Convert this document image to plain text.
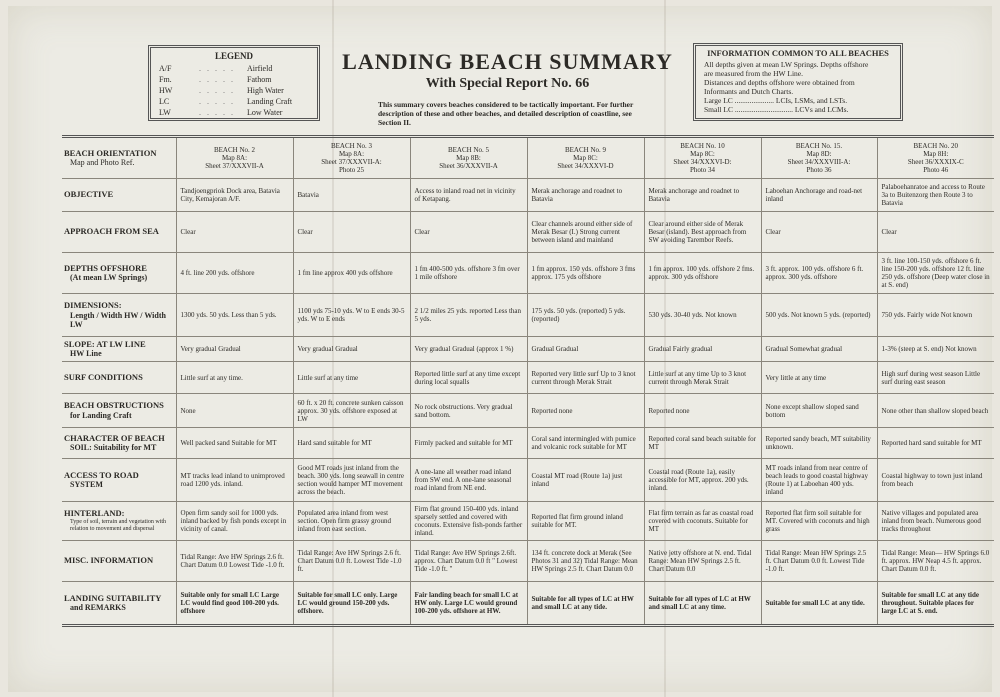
LEGEND
A/F	. . . . .	Airfield
Fm.	. . . . .	Fathom
HW	. . . . .	High Water
LC	. . . . .	Landing Craft
LW	. . . . .	Low Water
LANDING BEACH SUMMARY
With Special Report No. 66
This summary covers beaches considered to be tactically important. For further description of these and other beaches, and detailed description of coastline, see Section II.
INFORMATION COMMON TO ALL BEACHES
All depths given at mean LW Springs. Depths offshore
are measured from the HW Line.
Distances and depths offshore were obtained from
Informants and Dutch Charts.
Large LC ..................... LCIs, LSMs, and LSTs.
Small LC ............................... LCVs and LCMs.
BEACH ORIENTATION
Map and Photo Ref.	BEACH No. 2
Map 8A:
Sheet 37/XXXVII-A	BEACH No. 3
Map 8A:
Sheet 37/XXXVII-A:
Photo 25	BEACH No. 5
Map 8B:
Sheet 36/XXXVII-A	BEACH No. 9
Map 8C:
Sheet 34/XXXVI-D	BEACH No. 10
Map 8C:
Sheet 34/XXXVI-D:
Photo 34	BEACH No. 15.
Map 8D:
Sheet 34/XXXVIII-A:
Photo 36	BEACH No. 20
Map 8H:
Sheet 36/XXXIX-C
Photo 46

OBJECTIVE	Tandjoengpriok Dock area, Batavia City, Kemajoran A/F.	Batavia	Access to inland road net in vicinity of Ketapang.	Merak anchorage and roadnet to Batavia	Merak anchorage and roadnet to Batavia	Laboehan Anchorage and road-net inland	Palaboehanratoe and access to Route 3a to Buitenzorg then Route 3 to Batavia
APPROACH FROM SEA	Clear	Clear	Clear	Clear channels around either side of Merak Besar (I.) Strong current between island and mainland	Clear around either side of Merak Besar (island). Best approach from SW avoiding Tarembor Reefs.	Clear	Clear
DEPTHS OFFSHORE
(At mean LW Springs)	4 ft. line 200 yds. offshore	1 fm line approx 400 yds offshore	1 fm 400-500 yds. offshore 3 fm over 1 mile offshore	1 fm approx. 150 yds. offshore 3 fms approx. 175 yds offshore	1 fm approx. 100 yds. offshore 2 fms. approx. 300 yds offshore	3 ft. approx. 100 yds. offshore 6 ft. approx. 300 yds. offshore	3 ft. line 100-150 yds. offshore 6 ft. line 150-200 yds. offshore 12 ft. line 250 yds. offshore (Deep water close in at S. end)
DIMENSIONS:
Length / Width HW / Width LW	1300 yds. 50 yds. Less than 5 yds.	1100 yds 75-10 yds. W to E ends 30-5 yds. W to E ends	2 1/2 miles 25 yds. reported Less than 5 yds.	175 yds. 50 yds. (reported) 5 yds. (reported)	530 yds. 30-40 yds. Not known	500 yds. Not known 5 yds. (reported)	750 yds. Fairly wide Not known
SLOPE: AT LW LINE
HW Line	Very gradual Gradual	Very gradual Gradual	Very gradual Gradual (approx 1 %)	Gradual Gradual	Gradual Fairly gradual	Gradual Somewhat gradual	1-3% (steep at S. end) Not known
SURF CONDITIONS	Little surf at any time.	Little surf at any time	Reported little surf at any time except during local squalls	Reported very little surf Up to 3 knot current through Merak Strait	Little surf at any time Up to 3 knot current through Merak Strait	Very little at any time	High surf during west season Little surf during east season
BEACH OBSTRUCTIONS
for Landing Craft	None	60 ft. x 20 ft. concrete sunken caisson approx. 30 yds. offshore exposed at LW	No rock obstructions. Very gradual sand bottom.	Reported none	Reported none	None except shallow sloped sand bottom	None other than shallow sloped beach
CHARACTER OF BEACH
SOIL: Suitability for MT	Well packed sand Suitable for MT	Hard sand suitable for MT	Firmly packed and suitable for MT	Coral sand intermingled with pumice and volcanic rock suitable for MT	Reported coral sand beach suitable for MT	Reported sandy beach, MT suitability unknown.	Reported hard sand suitable for MT
ACCESS TO ROAD
SYSTEM	MT tracks lead inland to unimproved road 1200 yds. inland.	Good MT roads just inland from the beach. 300 yds. long seawall in centre section would hamper MT movement across the beach.	A one-lane all weather road inland from SW end. A one-lane seasonal road inland from NE end.	Coastal MT road (Route 1a) just inland	Coastal road (Route 1a), easily accessible for MT, approx. 200 yds. inland.	MT roads inland from near centre of beach leads to good coastal highway (Route 1) at Laboehan 400 yds. inland	Coastal highway to town just inland from beach
HINTERLAND:
Type of soil, terrain and vegetation with relation to movement and dispersal	Open firm sandy soil for 1000 yds. inland backed by fish ponds except in vicinity of canal.	Populated area inland from west section. Open firm grassy ground inland from east section.	Firm flat ground 150-400 yds. inland sparsely settled and covered with coconuts. Extensive fish-ponds farther inland.	Reported flat firm ground inland suitable for MT.	Flat firm terrain as far as coastal road covered with coconuts. Suitable for MT	Reported flat firm soil suitable for MT. Covered with coconuts and high grass	Native villages and populated area inland from beach. Numerous good tracks throughout
MISC. INFORMATION	Tidal Range: Ave HW Springs 2.6 ft. Chart Datum 0.0 Lowest Tide -1.0 ft.	Tidal Range: Ave HW Springs 2.6 ft. Chart Datum 0.0 ft. Lowest Tide -1.0 ft.	Tidal Range: Ave HW Springs 2.6ft. approx. Chart Datum 0.0 ft " Lowest Tide -1.0 ft. "	134 ft. concrete dock at Merak (See Photos 31 and 32) Tidal Range: Mean HW Springs 2.5 ft. Chart Datum 0.0	Native jetty offshore at N. end. Tidal Range: Mean HW Springs 2.5 ft. Chart Datum 0.0	Tidal Range: Mean HW Springs 2.5 ft. Chart Datum 0.0 ft. Lowest Tide -1.0 ft.	Tidal Range: Mean— HW Springs 6.0 ft. approx. HW Neap 4.5 ft. approx. Chart Datum 0.0 ft.
LANDING SUITABILITY
and REMARKS	Suitable only for small LC Large LC would find good 100-200 yds. offshore	Suitable for small LC only. Large LC would ground 150-200 yds. offshore.	Fair landing beach for small LC at HW only. Large LC would ground 100-200 yds. offshore at HW.	Suitable for all types of LC at HW and small LC at any tide.	Suitable for all types of LC at HW and small LC at any time.	Suitable for small LC at any tide.	Suitable for small LC at any tide throughout. Suitable places for large LC at S. end.
